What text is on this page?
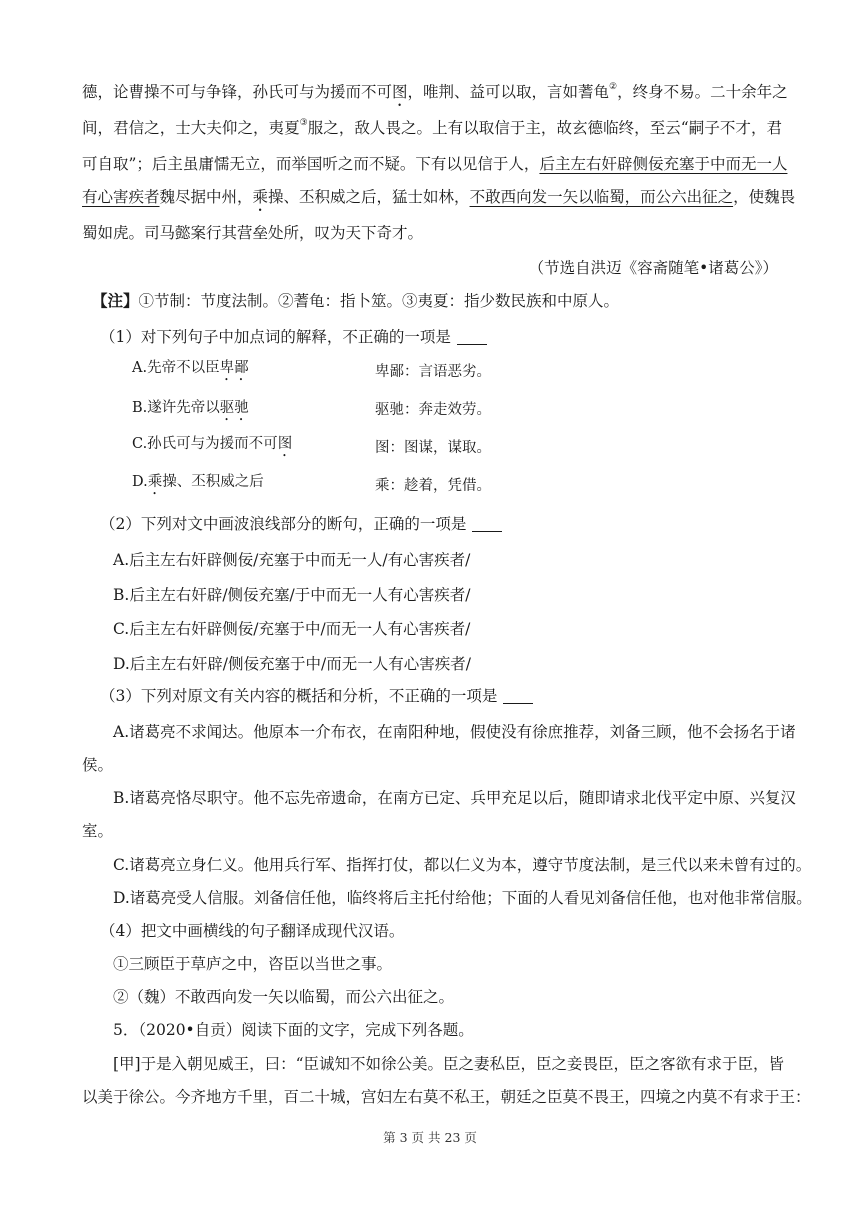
德，论曹操不可与争锋，孙氏可与为援而不可图，唯荆、益可以取，言如蓍龟②，终身不易。二十余年之
间，君信之，士大夫仰之，夷夏③服之，敌人畏之。上有以取信于主，故玄德临终，至云“嗣子不才，君
可自取”；后主虽庸懦无立，而举国听之而不疑。下有以见信于人，后主左右奸辟侧佞充塞于中而无一人
有心害疾者魏尽据中州，乘操、丕积威之后，猛士如林，不敢西向发一矢以临蜀，而公六出征之，使魏畏
蜀如虎。司马懿案行其营垒处所，叹为天下奇才。
（节选自洪迈《容斋随笔•诸葛公》）
【注】①节制：节度法制。②蓍龟：指卜筮。③夷夏：指少数民族和中原人。
（1）对下列句子中加点词的解释，不正确的一项是
A.先帝不以臣卑鄙	卑鄙：言语恶劣。
B.遂许先帝以驱驰	驱驰：奔走效劳。
C.孙氏可与为援而不可图	图：图谋，谋取。
D.乘操、丕积威之后	乘：趁着，凭借。
（2）下列对文中画波浪线部分的断句，正确的一项是
A.后主左右奸辟侧佞/充塞于中而无一人/有心害疾者/
B.后主左右奸辟/侧佞充塞/于中而无一人有心害疾者/
C.后主左右奸辟侧佞/充塞于中/而无一人有心害疾者/
D.后主左右奸辟/侧佞充塞于中/而无一人有心害疾者/
（3）下列对原文有关内容的概括和分析，不正确的一项是
A.诸葛亮不求闻达。他原本一介布衣，在南阳种地，假使没有徐庶推荐，刘备三顾，他不会扬名于诸
侯。
B.诸葛亮恪尽职守。他不忘先帝遗命，在南方已定、兵甲充足以后，随即请求北伐平定中原、兴复汉
室。
C.诸葛亮立身仁义。他用兵行军、指挥打仗，都以仁义为本，遵守节度法制，是三代以来未曾有过的。
D.诸葛亮受人信服。刘备信任他，临终将后主托付给他；下面的人看见刘备信任他，也对他非常信服。
（4）把文中画横线的句子翻译成现代汉语。
①三顾臣于草庐之中，咨臣以当世之事。
②（魏）不敢西向发一矢以临蜀，而公六出征之。
5．（2020•自贡）阅读下面的文字，完成下列各题。
[甲]于是入朝见威王，曰：“臣诚知不如徐公美。臣之妻私臣，臣之妾畏臣，臣之客欲有求于臣，皆
以美于徐公。今齐地方千里，百二十城，宫妇左右莫不私王，朝廷之臣莫不畏王，四境之内莫不有求于王：
第 3 页 共 23 页
